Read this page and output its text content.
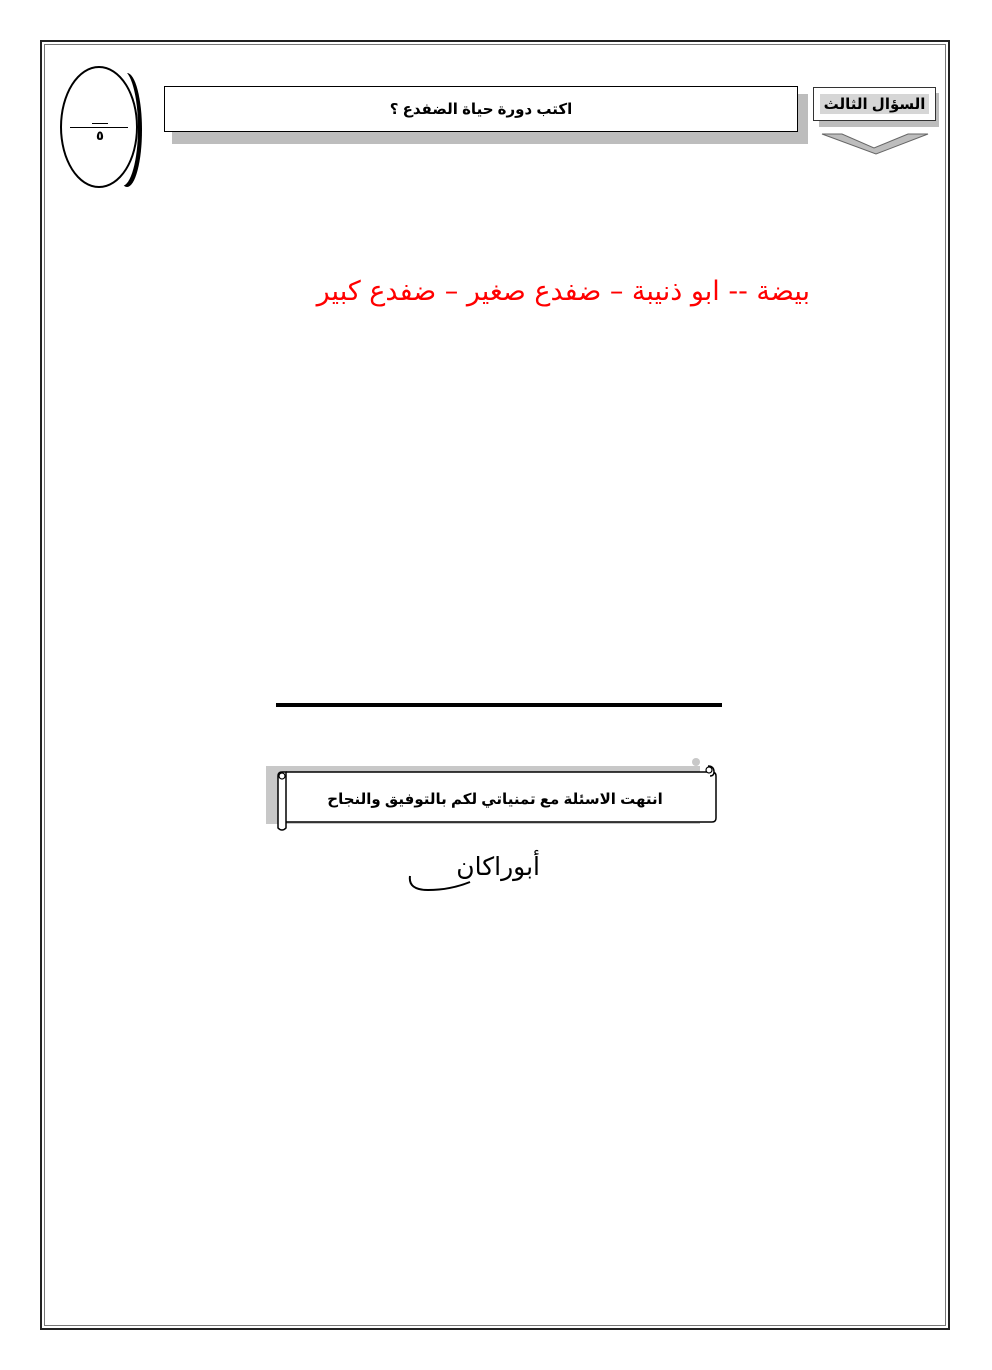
٥
اكتب دورة حياة الضفدع ؟	السؤال الثالث
بيضة -- ابو ذنيبة – ضفدع صغير – ضفدع كبير
انتهت الاسئلة مع تمنياتي لكم بالتوفيق والنجاح
أبوراكان
